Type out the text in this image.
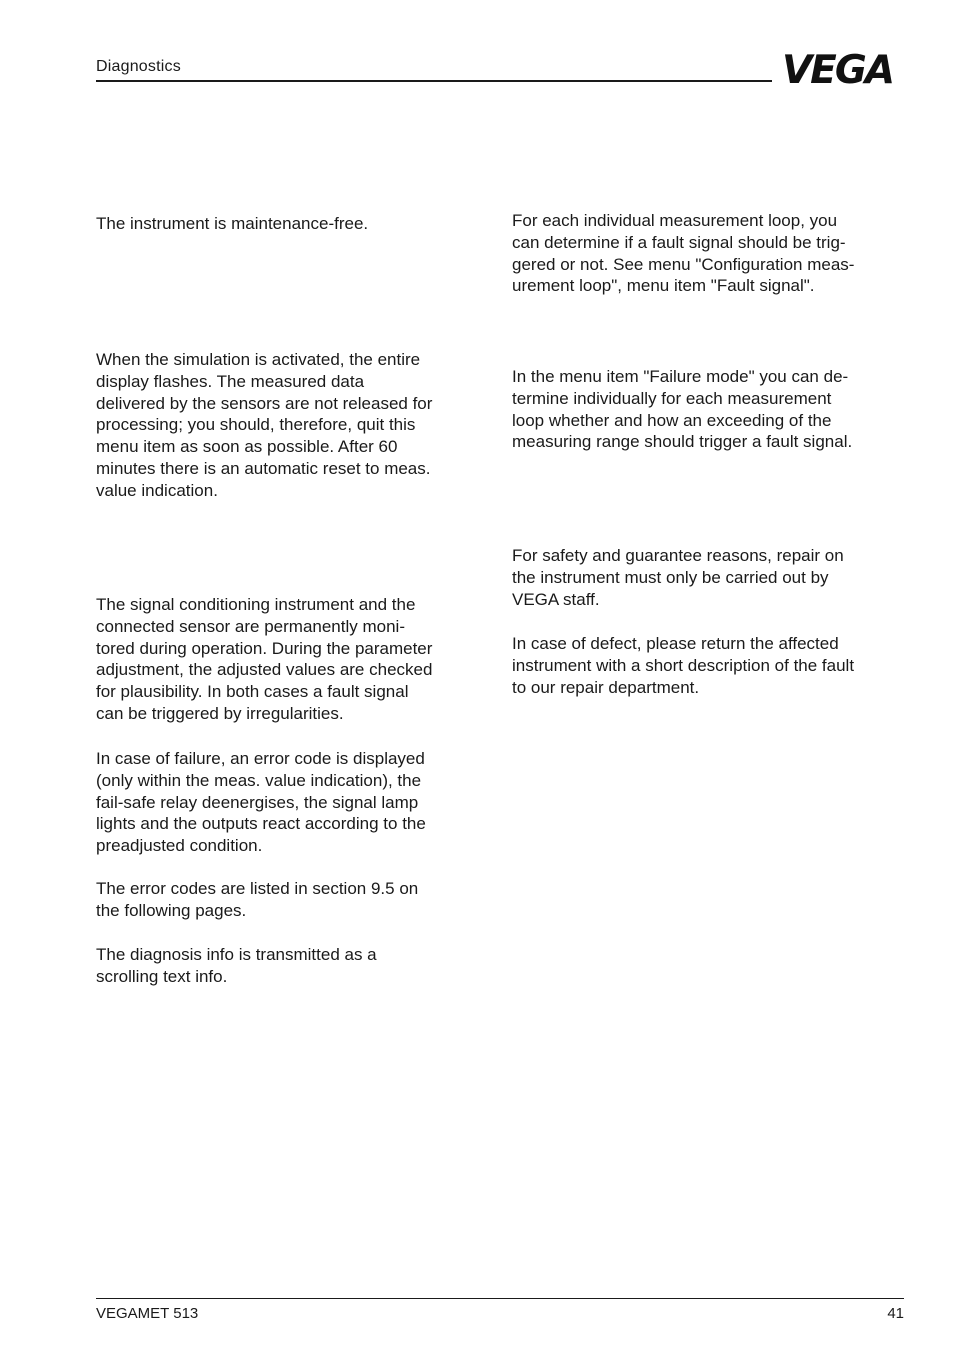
Diagnostics	VEGA

The instrument is maintenance-free.

When the simulation is activated, the entire
display flashes. The measured data
delivered by the sensors are not released for
processing; you should, therefore, quit this
menu item as soon as possible. After 60
minutes there is an automatic reset to meas.
value indication.

The signal conditioning instrument and the
connected sensor are permanently moni-
tored during operation. During the parameter
adjustment, the adjusted values are checked
for plausibility. In both cases a fault signal
can be triggered by irregularities.

In case of failure, an error code is displayed
(only within the meas. value indication), the
fail-safe relay deenergises, the signal lamp
lights and the outputs react according to the
preadjusted condition.

The error codes are listed in section 9.5 on
the following pages.

The diagnosis info is transmitted as a
scrolling text info.

For each individual measurement loop, you
can determine if a fault signal should be trig-
gered or not. See menu "Configuration meas-
urement loop", menu item "Fault signal".

In the menu item "Failure mode" you can de-
termine individually for each measurement
loop whether and how an exceeding of the
measuring range should trigger a fault signal.

For safety and guarantee reasons, repair on
the instrument must only be carried out by
VEGA staff.

In case of defect, please return the affected
instrument with a short description of the fault
to our repair department.

VEGAMET 513	41
